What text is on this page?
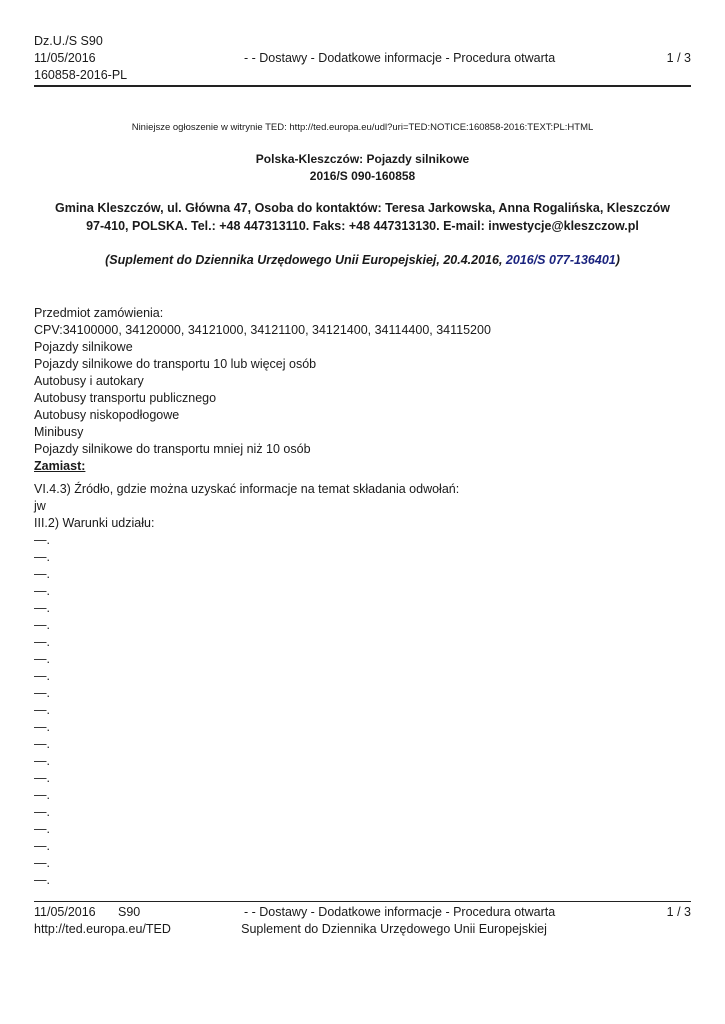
Dz.U./S S90
11/05/2016
160858-2016-PL
- - Dostawy - Dodatkowe informacje - Procedura otwarta	1 / 3
Niniejsze ogłoszenie w witrynie TED: http://ted.europa.eu/udl?uri=TED:NOTICE:160858-2016:TEXT:PL:HTML
Polska-Kleszczów: Pojazdy silnikowe
2016/S 090-160858
Gmina Kleszczów, ul. Główna 47, Osoba do kontaktów: Teresa Jarkowska, Anna Rogalińska, Kleszczów 97-410, POLSKA. Tel.: +48 447313110. Faks: +48 447313130. E-mail: inwestycje@kleszczow.pl
(Suplement do Dziennika Urzędowego Unii Europejskiej, 20.4.2016, 2016/S 077-136401)
Przedmiot zamówienia:
CPV:34100000, 34120000, 34121000, 34121100, 34121400, 34114400, 34115200
Pojazdy silnikowe
Pojazdy silnikowe do transportu 10 lub więcej osób
Autobusy i autokary
Autobusy transportu publicznego
Autobusy niskopodłogowe
Minibusy
Pojazdy silnikowe do transportu mniej niż 10 osób
Zamiast:
VI.4.3) Źródło, gdzie można uzyskać informacje na temat składania odwołań:
jw
III.2) Warunki udziału:
—.
—.
—.
—.
—.
—.
—.
—.
—.
—.
—.
—.
—.
—.
—.
—.
—.
—.
—.
—.
—.
11/05/2016 S90
http://ted.europa.eu/TED
- - Dostawy - Dodatkowe informacje - Procedura otwarta
Suplement do Dziennika Urzędowego Unii Europejskiej
1 / 3
